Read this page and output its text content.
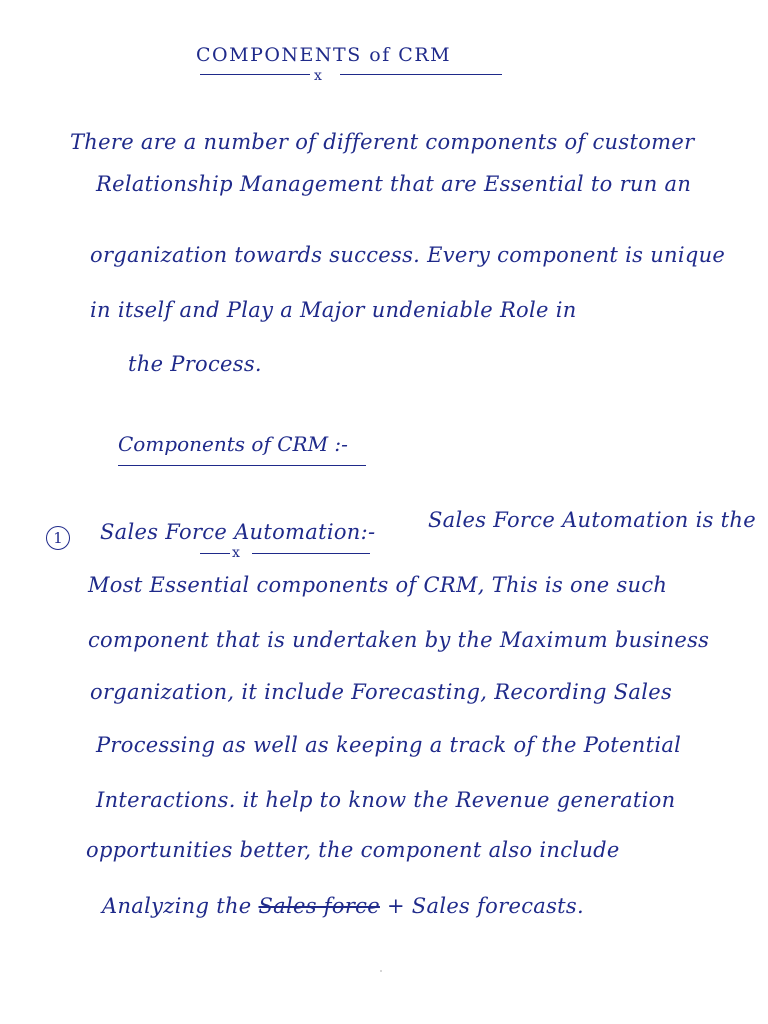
COMPONENTS of CRM
x
There are a number of different components of customer
Relationship Management that are Essential to run an
organization towards success. Every component is unique
in itself and Play a Major undeniable Role in
the Process.
Components of CRM :-
1	Sales Force Automation:-	Sales Force Automation is the
x
Most Essential components of CRM, This is one such
component that is undertaken by the Maximum business
organization, it include Forecasting, Recording Sales
Processing as well as keeping a track of the Potential
Interactions. it help to know the Revenue generation
opportunities better, the component also include
Analyzing the Sales force + Sales forecasts.
